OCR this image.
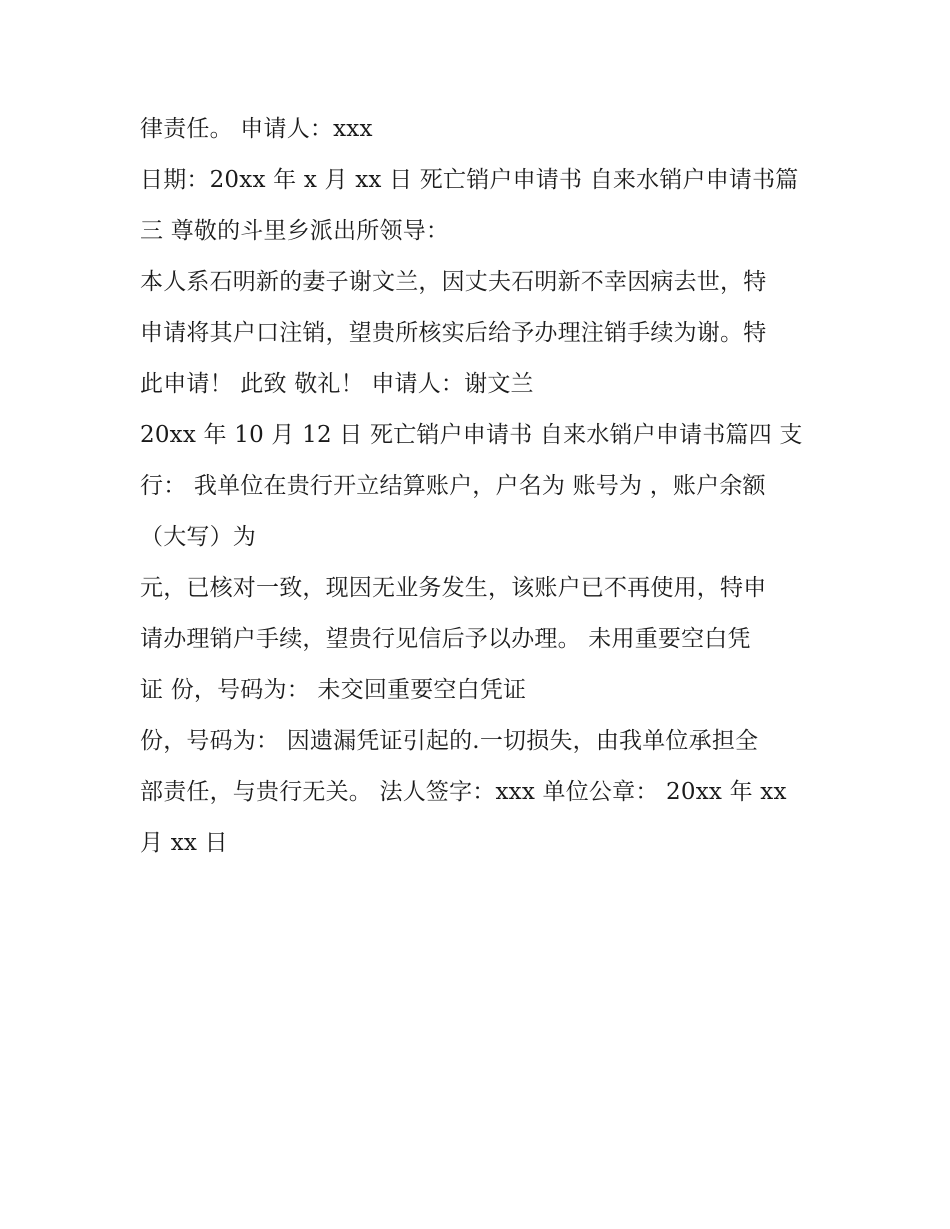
律责任。 申请人：xxx
日期：20xx 年 x 月 xx 日 死亡销户申请书 自来水销户申请书篇
三 尊敬的斗里乡派出所领导：
本人系石明新的妻子谢文兰，因丈夫石明新不幸因病去世，特
申请将其户口注销，望贵所核实后给予办理注销手续为谢。特
此申请！ 此致 敬礼！ 申请人：谢文兰
20xx 年 10 月 12 日 死亡销户申请书 自来水销户申请书篇四 支
行： 我单位在贵行开立结算账户，户名为 账号为 ，账户余额
（大写）为
元，已核对一致，现因无业务发生，该账户已不再使用，特申
请办理销户手续，望贵行见信后予以办理。 未用重要空白凭
证 份，号码为： 未交回重要空白凭证
份，号码为： 因遗漏凭证引起的.一切损失，由我单位承担全
部责任，与贵行无关。 法人签字：xxx 单位公章： 20xx 年 xx
月 xx 日
